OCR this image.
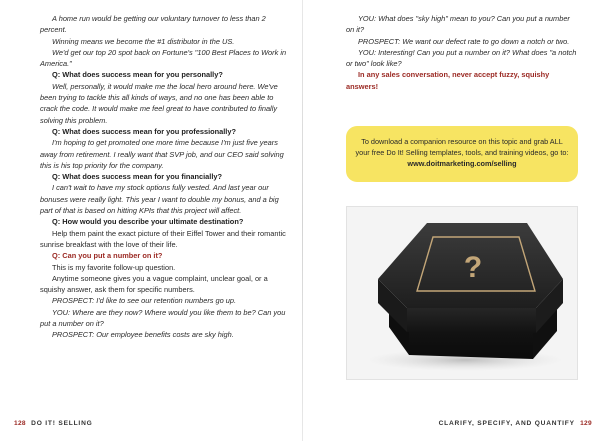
A home run would be getting our voluntary turnover to less than 2 percent.

Winning means we become the #1 distributor in the US.

We'd get our top 20 spot back on Fortune's "100 Best Places to Work in America."

Q: What does success mean for you personally?

Well, personally, it would make me the local hero around here. We've been trying to tackle this all kinds of ways, and no one has been able to crack the code. It would make me feel great to have contributed to finally solving this problem.

Q: What does success mean for you professionally?

I'm hoping to get promoted one more time because I'm just five years away from retirement. I really want that SVP job, and our CEO said solving this is his top priority for the company.

Q: What does success mean for you financially?

I can't wait to have my stock options fully vested. And last year our bonuses were really light. This year I want to double my bonus, and a big part of that is based on hitting KPIs that this project will affect.

Q: How would you describe your ultimate destination?

Help them paint the exact picture of their Eiffel Tower and their romantic sunrise breakfast with the love of their life.

Q: Can you put a number on it?

This is my favorite follow-up question.

Anytime someone gives you a vague complaint, unclear goal, or a squishy answer, ask them for specific numbers.

PROSPECT: I'd like to see our retention numbers go up.

YOU: Where are they now? Where would you like them to be? Can you put a number on it?

PROSPECT: Our employee benefits costs are sky high.

128 DO IT! SELLING

YOU: What does "sky high" mean to you? Can you put a number on it?

PROSPECT: We want our defect rate to go down a notch or two.

YOU: Interesting! Can you put a number on it? What does "a notch or two" look like?

In any sales conversation, never accept fuzzy, squishy answers!

To download a companion resource on this topic and grab ALL your free Do It! Selling templates, tools, and training videos, go to: www.doitmarketing.com/selling
?
CLARIFY, SPECIFY, AND QUANTIFY 129
